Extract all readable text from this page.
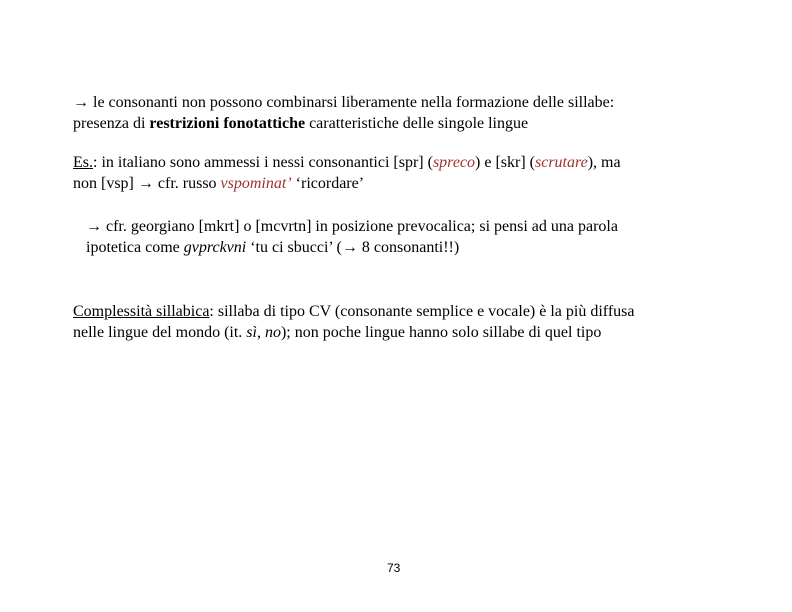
→ le consonanti non possono combinarsi liberamente nella formazione delle sillabe:
presenza di restrizioni fonotattiche caratteristiche delle singole lingue
Es.: in italiano sono ammessi i nessi consonantici [spr] (spreco) e [skr] (scrutare), ma
non [vsp] → cfr. russo vspominat’ ‘ricordare’
→ cfr. georgiano [mkrt] o [mcvrtn] in posizione prevocalica; si pensi ad una parola
ipotetica come gvprckvni ‘tu ci sbucci’ (→ 8 consonanti!!)
Complessità sillabica: sillaba di tipo CV (consonante semplice e vocale) è la più diffusa
nelle lingue del mondo (it. sì, no); non poche lingue hanno solo sillabe di quel tipo
73
